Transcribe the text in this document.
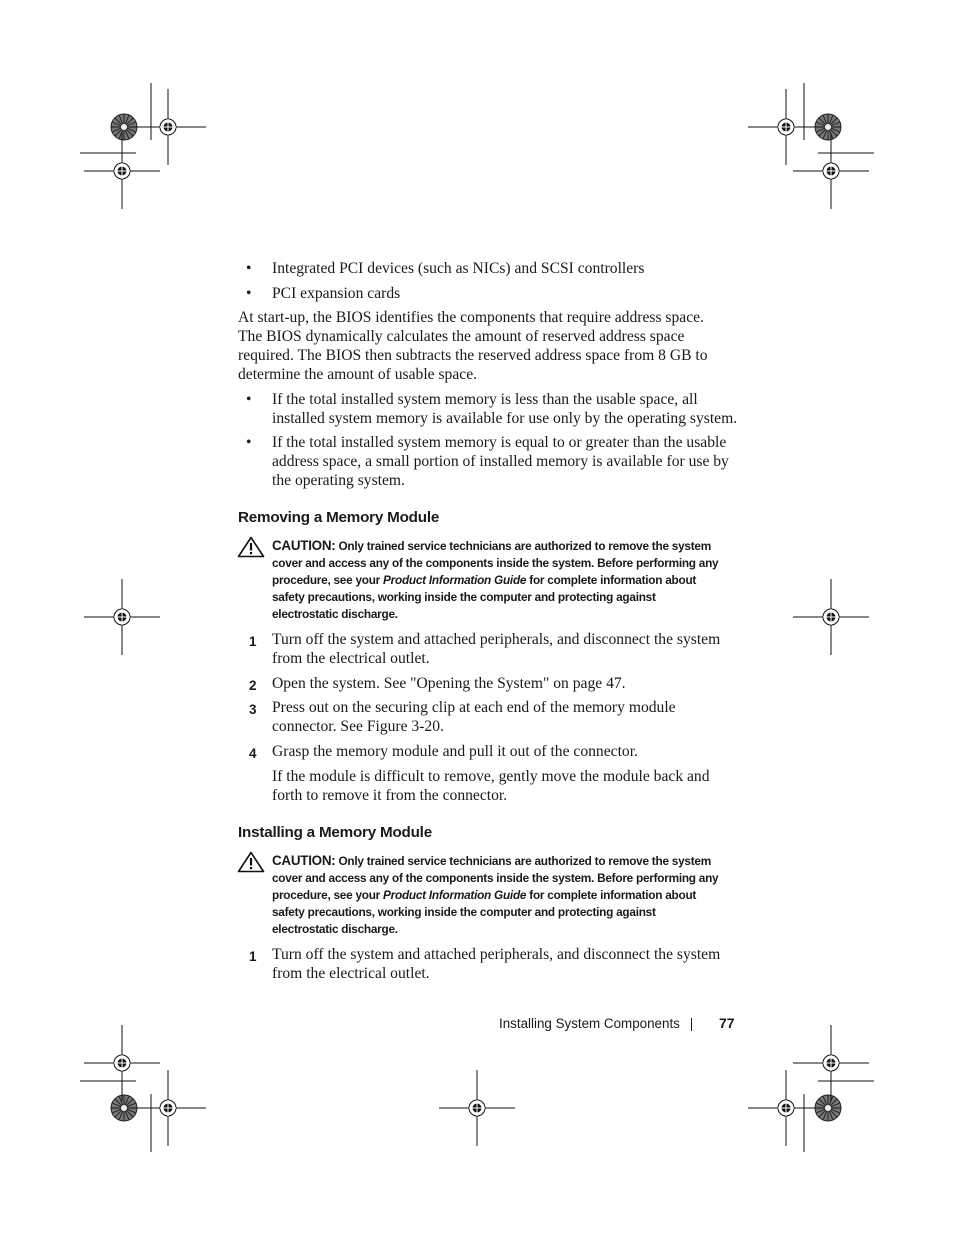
• Integrated PCI devices (such as NICs) and SCSI controllers
• PCI expansion cards
At start-up, the BIOS identifies the components that require address space.
The BIOS dynamically calculates the amount of reserved address space
required. The BIOS then subtracts the reserved address space from 8 GB to
determine the amount of usable space.
• If the total installed system memory is less than the usable space, all
installed system memory is available for use only by the operating system.
• If the total installed system memory is equal to or greater than the usable
address space, a small portion of installed memory is available for use by
the operating system.
Removing a Memory Module
CAUTION: Only trained service technicians are authorized to remove the system
cover and access any of the components inside the system. Before performing any
procedure, see your Product Information Guide for complete information about
safety precautions, working inside the computer and protecting against
electrostatic discharge.
1 Turn off the system and attached peripherals, and disconnect the system
from the electrical outlet.
2 Open the system. See "Opening the System" on page 47.
3 Press out on the securing clip at each end of the memory module
connector. See Figure 3-20.
4 Grasp the memory module and pull it out of the connector.
If the module is difficult to remove, gently move the module back and
forth to remove it from the connector.
Installing a Memory Module
CAUTION: Only trained service technicians are authorized to remove the system
cover and access any of the components inside the system. Before performing any
procedure, see your Product Information Guide for complete information about
safety precautions, working inside the computer and protecting against
electrostatic discharge.
1 Turn off the system and attached peripherals, and disconnect the system
from the electrical outlet.
Installing System Components	77
